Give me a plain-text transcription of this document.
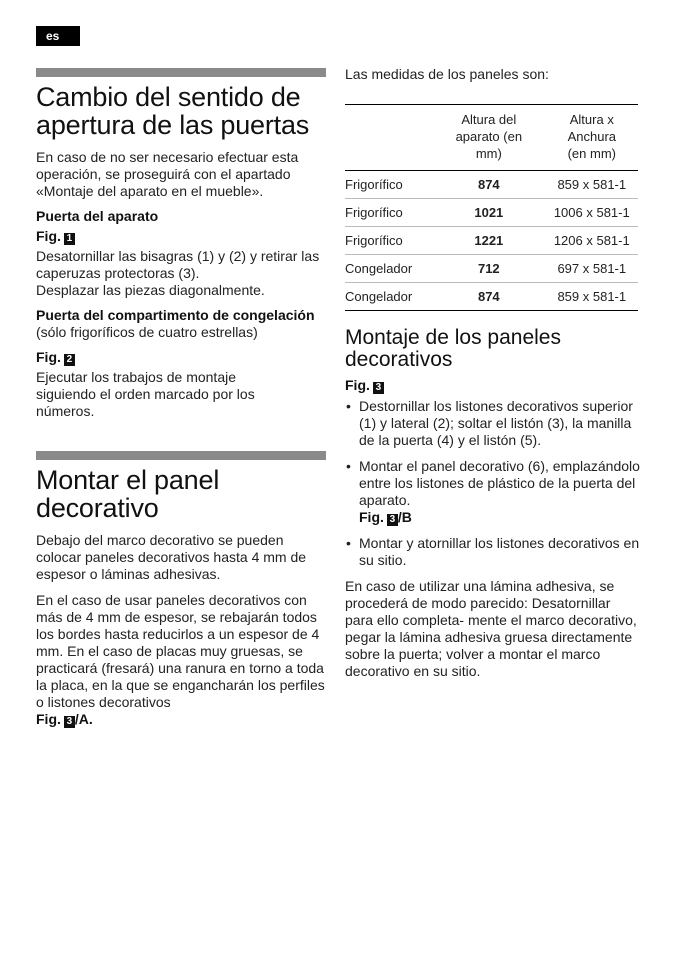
es
Cambio del sentido de apertura de las puertas

En caso de no ser necesario efectuar esta operación, se proseguirá con el apartado «Montaje del aparato en el mueble».

Puerta del aparato
Fig. 1

Desatornillar las bisagras (1) y (2) y retirar las caperuzas protectoras (3).

Desplazar las piezas diagonalmente.

Puerta del compartimento de congelación

(sólo frigoríficos de cuatro estrellas)

Fig. 2

Ejecutar los trabajos de montaje siguiendo el orden marcado por los números.

Montar el panel decorativo

Debajo del marco decorativo se pueden colocar paneles decorativos hasta 4 mm de espesor o láminas adhesivas.

En el caso de usar paneles decorativos con más de 4 mm de espesor, se rebajarán todos los bordes hasta reducirlos a un espesor de 4 mm. En el caso de placas muy gruesas, se practicará (fresará) una ranura en torno a toda la placa, en la que se engancharán los perfiles o listones decorativos

Fig. 3 /A.

Las medidas de los paneles son:

	Altura del aparato (en mm)	Altura x Anchura (en mm)
Frigorífico	874	859 x 581-1
Frigorífico	1021	1006 x 581-1
Frigorífico	1221	1206 x 581-1
Congelador	712	697 x 581-1
Congelador	874	859 x 581-1
Montaje de los paneles decorativos
Fig. 3
• Destornillar los listones decorativos superior (1) y lateral (2); soltar el listón (3), la manilla de la puerta (4) y el listón (5).
• Montar el panel decorativo (6), emplazándolo entre los listones de plástico de la puerta del aparato.
Fig. 3 /B
• Montar y atornillar los listones decorativos en su sitio.

En caso de utilizar una lámina adhesiva, se procederá de modo parecido: Desatornillar para ello completa- mente el marco decorativo, pegar la lámina adhesiva gruesa directamente sobre la puerta; volver a montar el marco decorativo en su sitio.
